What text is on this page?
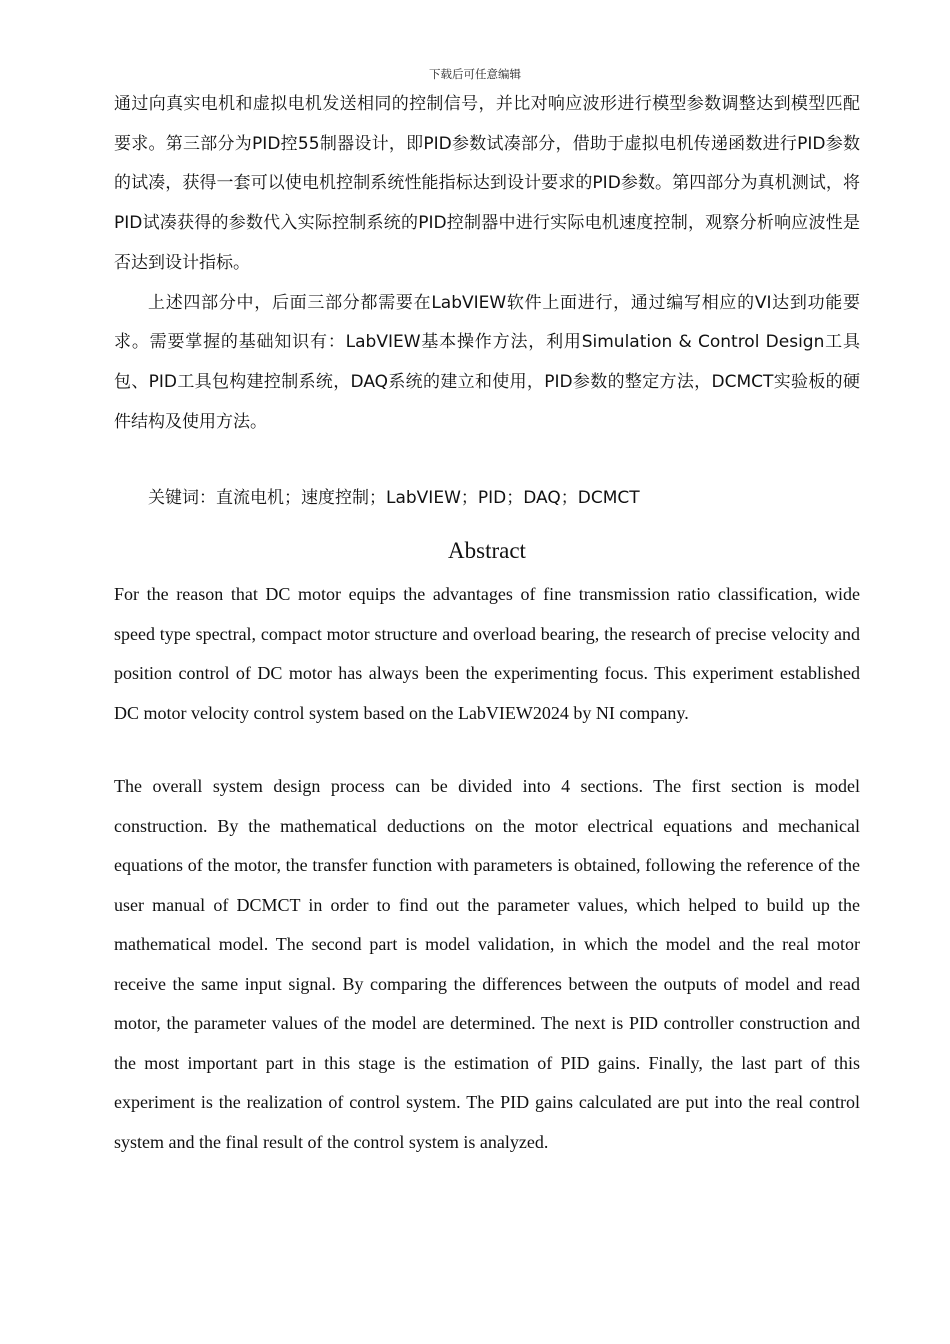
下载后可任意编辑

通过向真实电机和虚拟电机发送相同的控制信号，并比对响应波形进行模型参数调整达到模型匹配要求。第三部分为PID控55制器设计，即PID参数试凑部分，借助于虚拟电机传递函数进行PID参数的试凑，获得一套可以使电机控制系统性能指标达到设计要求的PID参数。第四部分为真机测试，将PID试凑获得的参数代入实际控制系统的PID控制器中进行实际电机速度控制，观察分析响应波性是否达到设计指标。

上述四部分中，后面三部分都需要在LabVIEW软件上面进行，通过编写相应的VI达到功能要求。需要掌握的基础知识有：LabVIEW基本操作方法，利用Simulation & Control Design工具包、PID工具包构建控制系统，DAQ系统的建立和使用，PID参数的整定方法，DCMCT实验板的硬件结构及使用方法。

关键词：直流电机；速度控制；LabVIEW；PID；DAQ；DCMCT

Abstract

For the reason that DC motor equips the advantages of fine transmission ratio classification, wide speed type spectral, compact motor structure and overload bearing, the research of precise velocity and position control of DC motor has always been the experimenting focus. This experiment established DC motor velocity control system based on the LabVIEW2024 by NI company.

The overall system design process can be divided into 4 sections. The first section is model construction. By the mathematical deductions on the motor electrical equations and mechanical equations of the motor, the transfer function with parameters is obtained, following the reference of the user manual of DCMCT in order to find out the parameter values, which helped to build up the mathematical model. The second part is model validation, in which the model and the real motor receive the same input signal. By comparing the differences between the outputs of model and read motor, the parameter values of the model are determined. The next is PID controller construction and the most important part in this stage is the estimation of PID gains. Finally, the last part of this experiment is the realization of control system. The PID gains calculated are put into the real control system and the final result of the control system is analyzed.
